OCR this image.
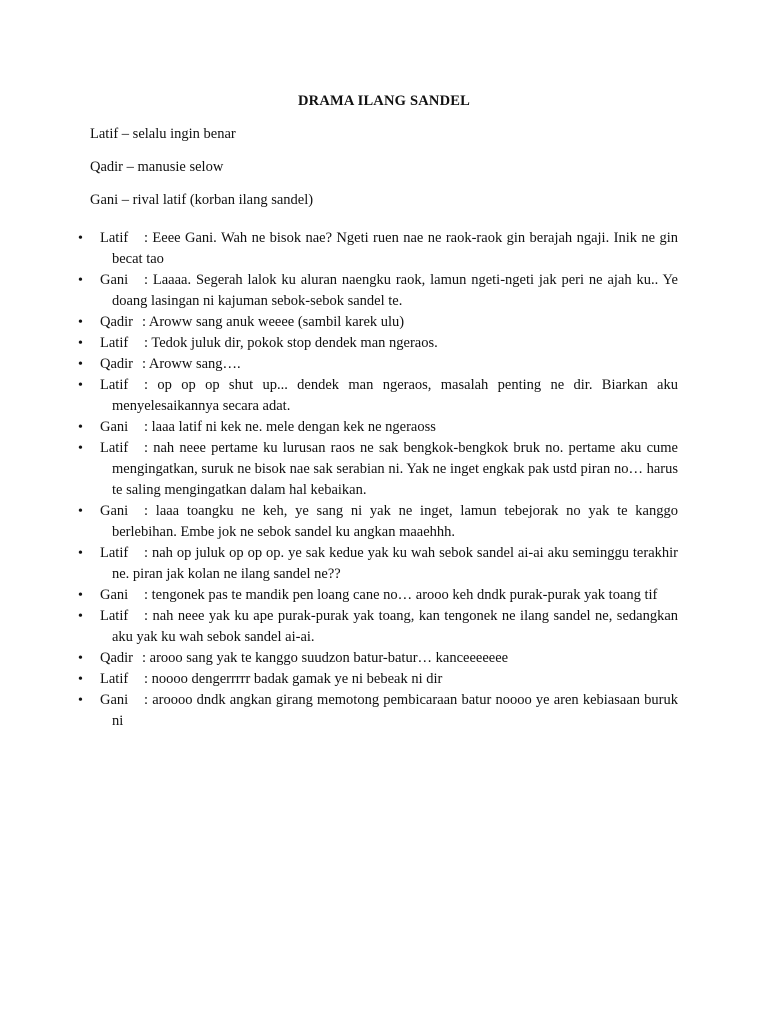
DRAMA ILANG SANDEL
Latif – selalu ingin benar
Qadir – manusie selow
Gani – rival latif (korban ilang sandel)
• Latif : Eeee Gani. Wah ne bisok nae? Ngeti ruen nae ne raok-raok gin berajah ngaji. Inik ne gin becat tao
• Gani : Laaaa. Segerah lalok ku aluran naengku raok, lamun ngeti-ngeti jak peri ne ajah ku.. Ye doang lasingan ni kajuman sebok-sebok sandel te.
• Qadir : Aroww sang anuk weeee (sambil karek ulu)
• Latif : Tedok juluk dir, pokok stop dendek man ngeraos.
• Qadir : Aroww sang….
• Latif : op op op shut up... dendek man ngeraos, masalah penting ne dir. Biarkan aku menyelesaikannya secara adat.
• Gani : laaa latif ni kek ne. mele dengan kek ne ngeraoss
• Latif : nah neee pertame ku lurusan raos ne sak bengkok-bengkok bruk no. pertame aku cume mengingatkan, suruk ne bisok nae sak serabian ni. Yak ne inget engkak pak ustd piran no… harus te saling mengingatkan dalam hal kebaikan.
• Gani : laaa toangku ne keh, ye sang ni yak ne inget, lamun tebejorak no yak te kanggo berlebihan. Embe jok ne sebok sandel ku angkan maaehhh.
• Latif : nah op juluk op op op. ye sak kedue yak ku wah sebok sandel ai-ai aku seminggu terakhir ne. piran jak kolan ne ilang sandel ne??
• Gani : tengonek pas te mandik pen loang cane no… arooo keh dndk purak-purak yak toang tif
• Latif : nah neee yak ku ape purak-purak yak toang, kan tengonek ne ilang sandel ne, sedangkan aku yak ku wah sebok sandel ai-ai.
• Qadir : arooo sang yak te kanggo suudzon batur-batur… kanceeeeeee
• Latif : noooo dengerrrrr badak gamak ye ni bebeak ni dir
• Gani : aroooo dndk angkan girang memotong pembicaraan batur noooo ye aren kebiasaan buruk ni
